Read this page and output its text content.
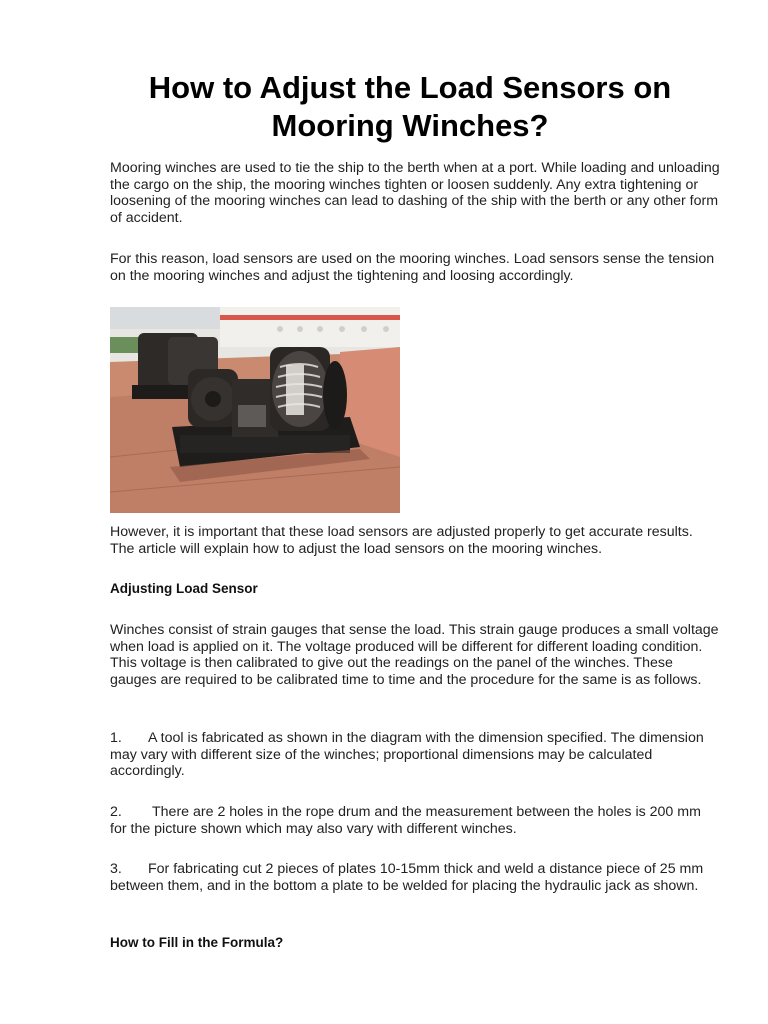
How to Adjust the Load Sensors on Mooring Winches?

Mooring winches are used to tie the ship to the berth when at a port. While loading and unloading the cargo on the ship, the mooring winches tighten or loosen suddenly. Any extra tightening or loosening of the mooring winches can lead to dashing of the ship with the berth or any other form of accident.

For this reason, load sensors are used on the mooring winches. Load sensors sense the tension on the mooring winches and adjust the tightening and loosing accordingly.

However, it is important that these load sensors are adjusted properly to get accurate results. The article will explain how to adjust the load sensors on the mooring winches.

Adjusting Load Sensor

Winches consist of strain gauges that sense the load. This strain gauge produces a small voltage when load is applied on it. The voltage produced will be different for different loading condition. This voltage is then calibrated to give out the readings on the panel of the winches. These gauges are required to be calibrated time to time and the procedure for the same is as follows.

1. A tool is fabricated as shown in the diagram with the dimension specified. The dimension may vary with different size of the winches; proportional dimensions may be calculated accordingly.

2. There are 2 holes in the rope drum and the measurement between the holes is 200 mm for the picture shown which may also vary with different winches.

3. For fabricating cut 2 pieces of plates 10-15mm thick and weld a distance piece of 25 mm between them, and in the bottom a plate to be welded for placing the hydraulic jack as shown.

How to Fill in the Formula?
